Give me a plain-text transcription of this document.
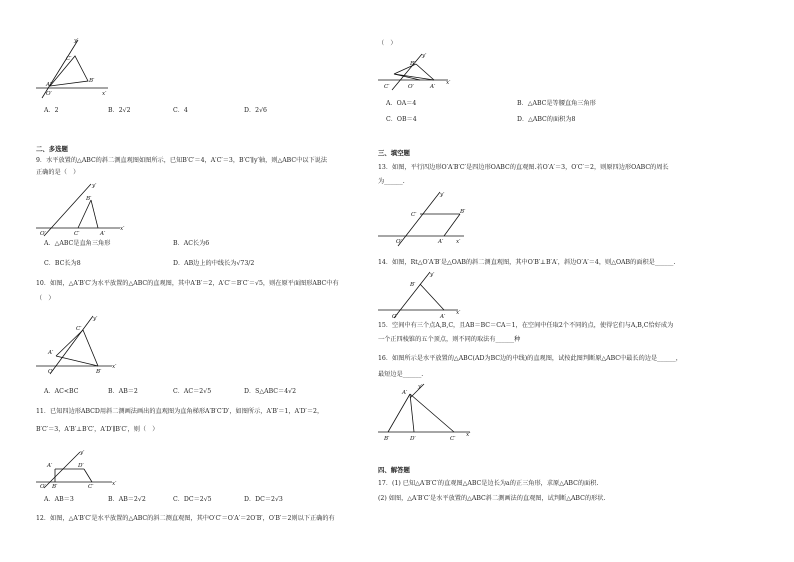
y′
C′
B′
A′
O′	x′
A．2	B．2√2	C．4	D．2√6
二、多选题
9．水平放置的△ABC的斜二测直观图如图所示，已知B′C′＝4，A′C′＝3，B′C′∥y′轴，则△ABC中以下说法
正确的是（　）
y′
B′
O′	C′	A′
x′
A．△ABC是直角三角形	B．AC长为6
C．BC长为8	D．AB边上的中线长为√73/2
10．如图，△A′B′C′为水平放置的△ABC的直观图，其中A′B′＝2，A′C′＝B′C′＝√5，则在原平面图形ABC中有
（　）
y′
C′
A′
O′	B′
x′
A．AC<BC	B．AB＝2	C．AC＝2√5	D．S△ABC＝4√2
11．已知四边形ABCD用斜二测画法画出的直观图为直角梯形A′B′C′D′，如图所示，A′B′＝1，A′D′＝2，
B′C′＝3，A′B′⊥B′C′，A′D′∥B′C′，则（　）
y′
A′	D′
O′ B′	C′	x′
A．AB＝3	B．AB＝2√2	C．DC＝2√5	D．DC＝2√3
12．如图，△A′B′C′是水平放置的△ABC的斜二测直观图，其中O′C′＝O′A′＝2O′B′，O′B′＝2则以下正确的有
（　）
y′
B′
C′	O′	A′
x′
A．OA＝4	B．△ABC是等腰直角三角形
C．OB＝4	D．△ABC的面积为8
三、填空题
13．如图，平行四边形O′A′B′C′是四边形OABC的直观图.若O′A′＝3，O′C′＝2，则原四边形OABC的周长
为______.
y′
C′	B′
O′	A′ x′
14．如图，Rt△O′A′B′是△OAB的斜二测直观图，其中O′B′⊥B′A′，斜边O′A′＝4，则△OAB的面积是______.
y′
B′
O′	A′
x′
15．空间中有三个点A,B,C，且AB＝BC＝CA＝1，在空间中任取2个不同的点，使得它们与A,B,C恰好成为
一个正四棱锥的五个顶点，则不同的取法有______种
16．如图所示是水平放置的△ABC(AD为BC边的中线)的直观图，试按此图判断原△ABC中最长的边是______，
最短边是______.
A′
y′
B′	D′	C′
x′
四、解答题
17．(1) 已知△A′B′C′的直观图△ABC是边长为a的正三角形，求原△ABC的面积.
(2) 如图，△A′B′C′是水平放置的△ABC斜二测画法的直观图，试判断△ABC的形状.
